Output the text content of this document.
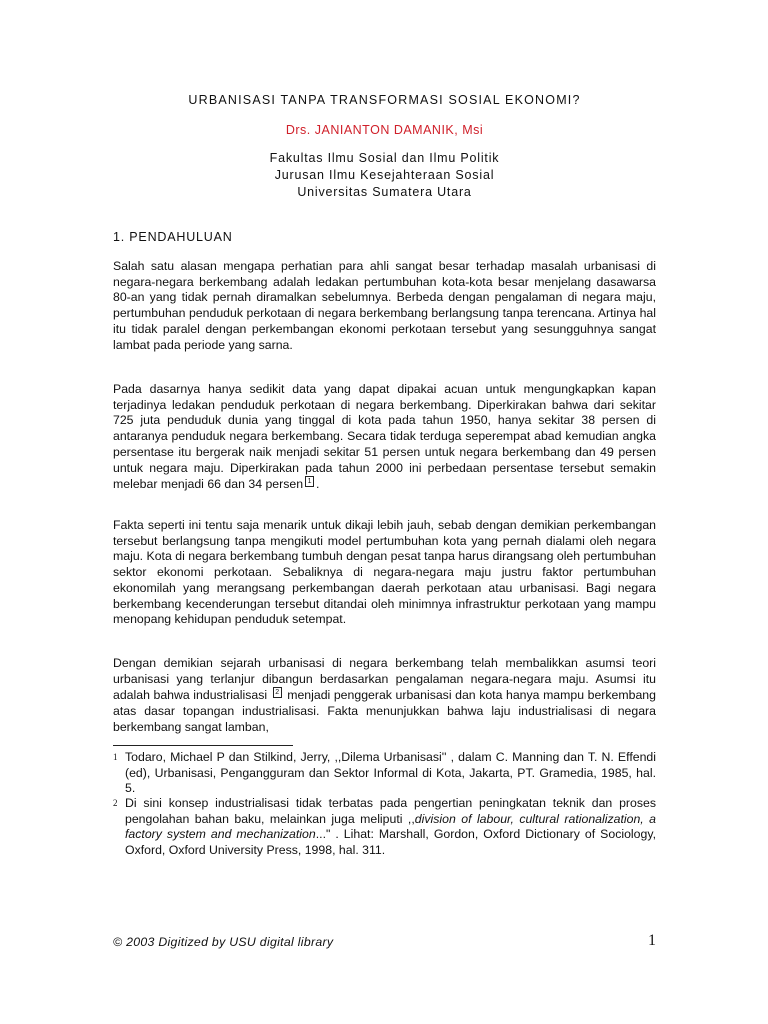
URBANISASI TANPA TRANSFORMASI SOSIAL EKONOMI?
Drs. JANIANTON DAMANIK, Msi
Fakultas Ilmu Sosial dan Ilmu Politik
Jurusan Ilmu Kesejahteraan Sosial
Universitas Sumatera Utara
1. PENDAHULUAN
Salah satu alasan mengapa perhatian para ahli sangat besar terhadap masalah urbanisasi di negara-negara berkembang adalah ledakan pertumbuhan kota-kota besar menjelang dasawarsa 80-an yang tidak pernah diramalkan sebelumnya. Berbeda dengan pengalaman di negara maju, pertumbuhan penduduk perkotaan di negara berkembang berlangsung tanpa terencana. Artinya hal itu tidak paralel dengan perkembangan ekonomi perkotaan tersebut yang sesungguhnya sangat lambat pada periode yang sarna.
Pada dasarnya hanya sedikit data yang dapat dipakai acuan untuk mengungkapkan kapan terjadinya ledakan penduduk perkotaan di negara berkembang. Diperkirakan bahwa dari sekitar 725 juta penduduk dunia yang tinggal di kota pada tahun 1950, hanya sekitar 38 persen di antaranya penduduk negara berkembang. Secara tidak terduga seperempat abad kemudian angka persentase itu bergerak naik menjadi sekitar 51 persen untuk negara berkembang dan 49 persen untuk negara maju. Diperkirakan pada tahun 2000 ini perbedaan persentase tersebut semakin melebar menjadi 66 dan 34 persen 1 .
Fakta seperti ini tentu saja menarik untuk dikaji lebih jauh, sebab dengan demikian perkembangan tersebut berlangsung tanpa mengikuti model pertumbuhan kota yang pernah dialami oleh negara maju. Kota di negara berkembang tumbuh dengan pesat tanpa harus dirangsang oleh pertumbuhan sektor ekonomi perkotaan. Sebaliknya di negara-negara maju justru faktor pertumbuhan ekonomilah yang merangsang perkembangan daerah perkotaan atau urbanisasi. Bagi negara berkembang kecenderungan tersebut ditandai oleh minimnya infrastruktur perkotaan yang mampu menopang kehidupan penduduk setempat.
Dengan demikian sejarah urbanisasi di negara berkembang telah membalikkan asumsi teori urbanisasi yang terlanjur dibangun berdasarkan pengalaman negara-negara maju. Asumsi itu adalah bahwa industrialisasi 2 menjadi penggerak urbanisasi dan kota hanya mampu berkembang atas dasar topangan industrialisasi. Fakta menunjukkan bahwa laju industrialisasi di negara berkembang sangat lamban,
1 Todaro, Michael P dan Stilkind, Jerry, ,,Dilema Urbanisasi'' , dalam C. Manning dan T. N. Effendi (ed), Urbanisasi, Pengangguram dan Sektor Informal di Kota, Jakarta, PT. Gramedia, 1985, hal. 5.
2 Di sini konsep industrialisasi tidak terbatas pada pengertian peningkatan teknik dan proses pengolahan bahan baku, melainkan juga meliputi ,,division of labour, cultural rationalization, a factory system and mechanization..." . Lihat: Marshall, Gordon, Oxford Dictionary of Sociology, Oxford, Oxford University Press, 1998, hal. 311.
© 2003 Digitized by USU digital library	1
